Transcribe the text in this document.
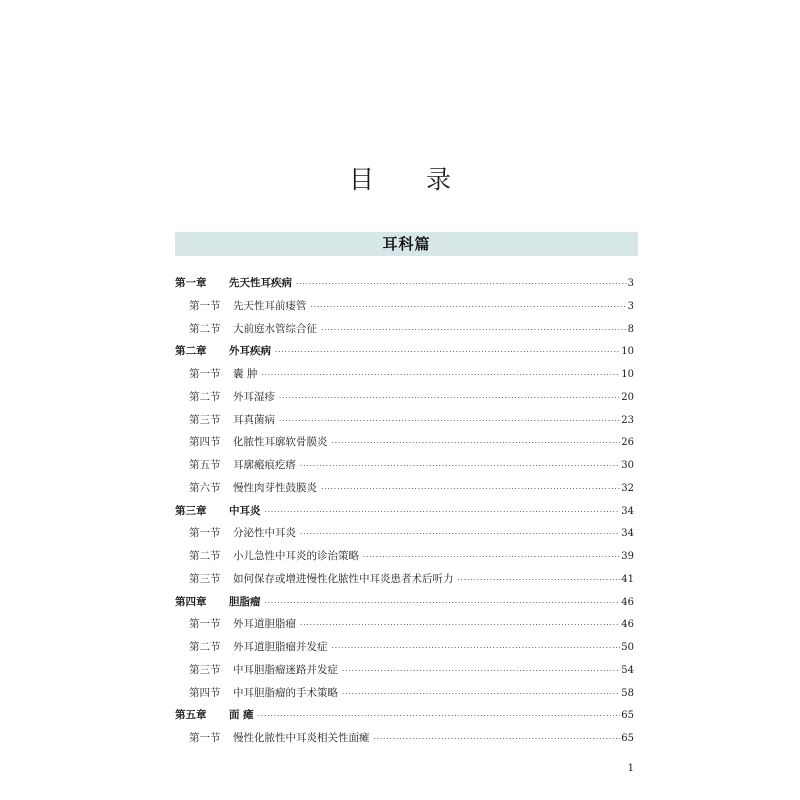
目 录
耳科篇
第一章	先天性耳疾病 ·····	3
第一节	先天性耳前瘘管 ·····	3
第二节	大前庭水管综合征 ·····	8
第二章	外耳疾病 ·····	10
第一节	囊 肿 ·····	10
第二节	外耳湿疹 ·····	20
第三节	耳真菌病 ·····	23
第四节	化脓性耳廓软骨膜炎 ·····	26
第五节	耳廓瘢痕疙瘩 ·····	30
第六节	慢性肉芽性鼓膜炎 ·····	32
第三章	中耳炎 ·····	34
第一节	分泌性中耳炎 ·····	34
第二节	小儿急性中耳炎的诊治策略 ·····	39
第三节	如何保存或增进慢性化脓性中耳炎患者术后听力 ·····	41
第四章	胆脂瘤 ·····	46
第一节	外耳道胆脂瘤 ·····	46
第二节	外耳道胆脂瘤并发症 ·····	50
第三节	中耳胆脂瘤迷路并发症 ·····	54
第四节	中耳胆脂瘤的手术策略 ·····	58
第五章	面 瘫 ·····	65
第一节	慢性化脓性中耳炎相关性面瘫 ·····	65
1
